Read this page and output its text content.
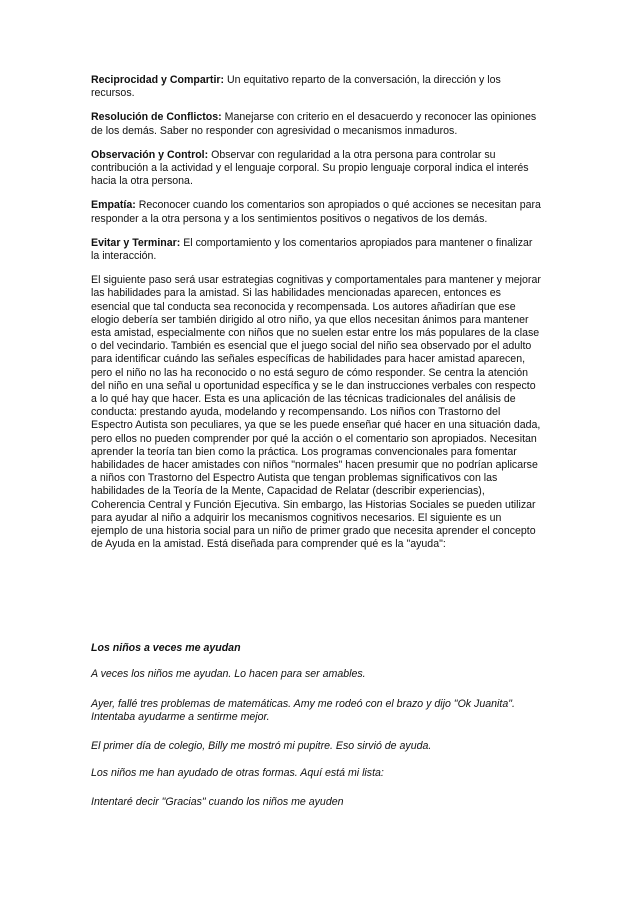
Reciprocidad y Compartir: Un equitativo reparto de la conversación, la dirección y los
recursos.

Resolución de Conflictos: Manejarse con criterio en el desacuerdo y reconocer las opiniones
de los demás. Saber no responder con agresividad o mecanismos inmaduros.

Observación y Control: Observar con regularidad a la otra persona para controlar su
contribución a la actividad y el lenguaje corporal. Su propio lenguaje corporal indica el interés
hacia la otra persona.

Empatía: Reconocer cuando los comentarios son apropiados o qué acciones se necesitan para
responder a la otra persona y a los sentimientos positivos o negativos de los demás.

Evitar y Terminar: El comportamiento y los comentarios apropiados para mantener o finalizar
la interacción.

El siguiente paso será usar estrategias cognitivas y comportamentales para mantener y mejorar
las habilidades para la amistad. Si las habilidades mencionadas aparecen, entonces es
esencial que tal conducta sea reconocida y recompensada. Los autores añadirían que ese
elogio debería ser también dirigido al otro niño, ya que ellos necesitan ánimos para mantener
esta amistad, especialmente con niños que no suelen estar entre los más populares de la clase
o del vecindario. También es esencial que el juego social del niño sea observado por el adulto
para identificar cuándo las señales específicas de habilidades para hacer amistad aparecen,
pero el niño no las ha reconocido o no está seguro de cómo responder. Se centra la atención
del niño en una señal u oportunidad específica y se le dan instrucciones verbales con respecto
a lo qué hay que hacer. Esta es una aplicación de las técnicas tradicionales del análisis de
conducta: prestando ayuda, modelando y recompensando. Los niños con Trastorno del
Espectro Autista son peculiares, ya que se les puede enseñar qué hacer en una situación dada,
pero ellos no pueden comprender por qué la acción o el comentario son apropiados. Necesitan
aprender la teoría tan bien como la práctica. Los programas convencionales para fomentar
habilidades de hacer amistades con niños "normales" hacen presumir que no podrían aplicarse
a niños con Trastorno del Espectro Autista que tengan problemas significativos con las
habilidades de la Teoría de la Mente, Capacidad de Relatar (describir experiencias),
Coherencia Central y Función Ejecutiva. Sin embargo, las Historias Sociales se pueden utilizar
para ayudar al niño a adquirir los mecanismos cognitivos necesarios. El siguiente es un
ejemplo de una historia social para un niño de primer grado que necesita aprender el concepto
de Ayuda en la amistad. Está diseñada para comprender qué es la "ayuda":

Los niños a veces me ayudan

A veces los niños me ayudan. Lo hacen para ser amables.

Ayer, fallé tres problemas de matemáticas. Amy me rodeó con el brazo y dijo "Ok Juanita".

Intentaba ayudarme a sentirme mejor.

El primer día de colegio, Billy me mostró mi pupitre. Eso sirvió de ayuda.

Los niños me han ayudado de otras formas. Aquí está mi lista:

Intentaré decir "Gracias" cuando los niños me ayuden
